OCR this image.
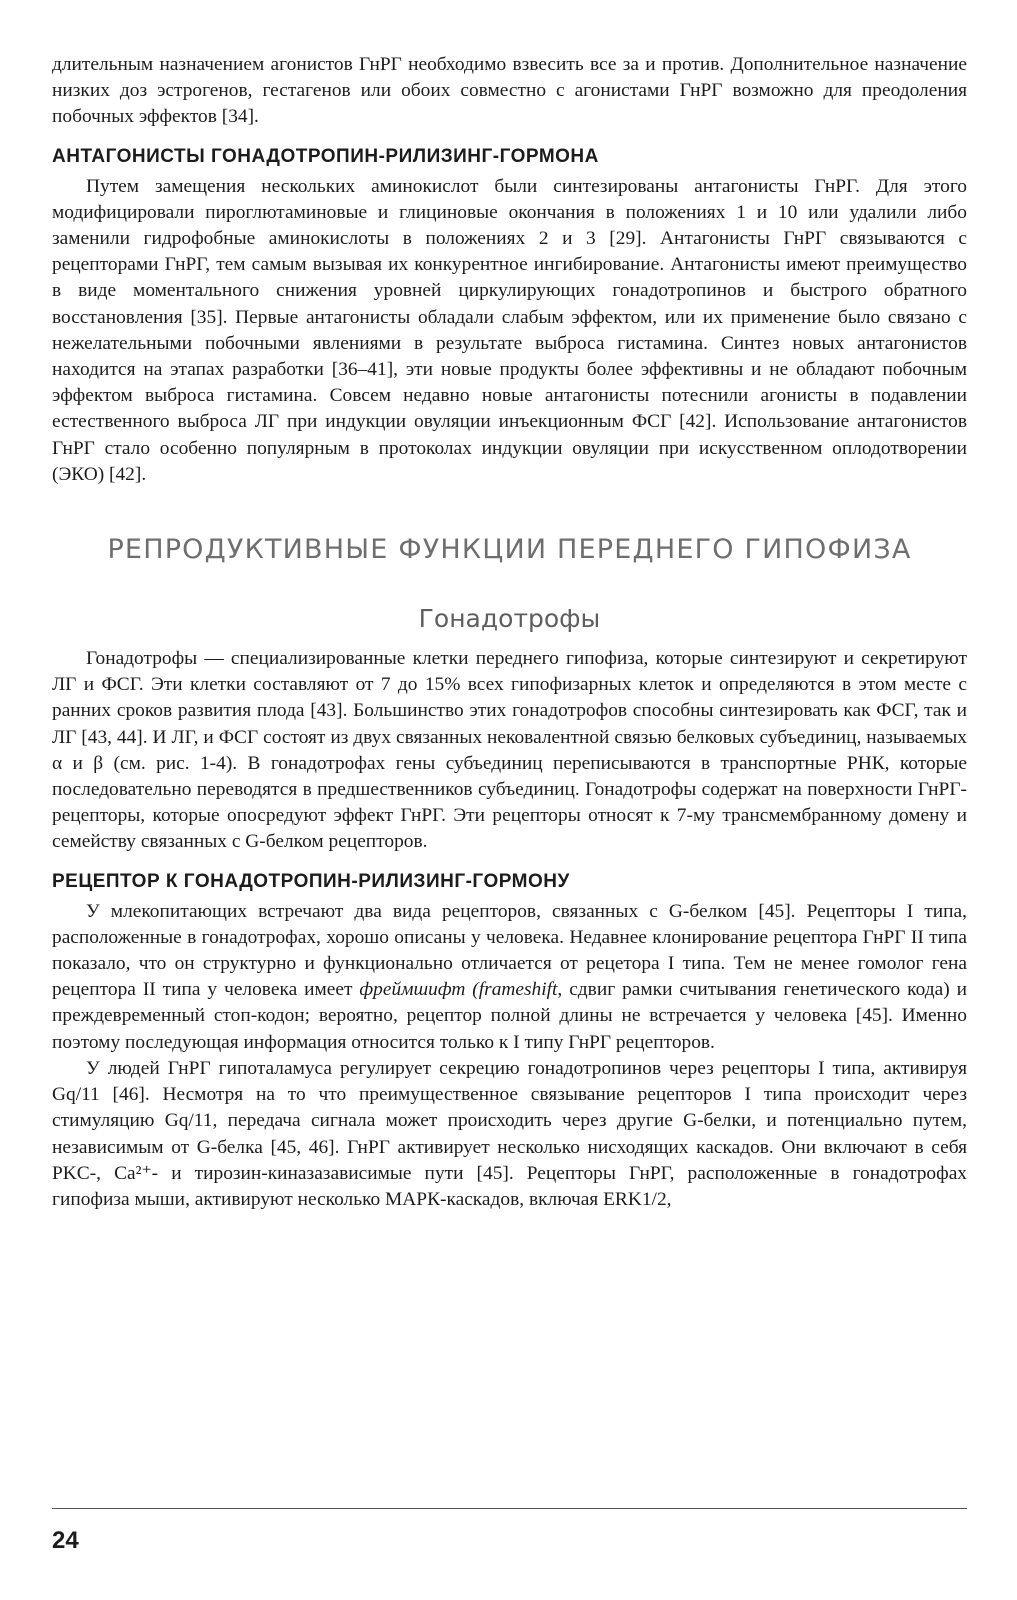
длительным назначением агонистов ГнРГ необходимо взвесить все за и против. Дополнительное назначение низких доз эстрогенов, гестагенов или обоих совместно с агонистами ГнРГ возможно для преодоления побочных эффектов [34].

АНТАГОНИСТЫ ГОНАДОТРОПИН-РИЛИЗИНГ-ГОРМОНА

Путем замещения нескольких аминокислот были синтезированы антагонисты ГнРГ. Для этого модифицировали пироглютаминовые и глициновые окончания в положениях 1 и 10 или удалили либо заменили гидрофобные аминокислоты в положениях 2 и 3 [29]. Антагонисты ГнРГ связываются с рецепторами ГнРГ, тем самым вызывая их конкурентное ингибирование. Антагонисты имеют преимущество в виде моментального снижения уровней циркулирующих гонадотропинов и быстрого обратного восстановления [35]. Первые антагонисты обладали слабым эффектом, или их применение было связано с нежелательными побочными явлениями в результате выброса гистамина. Синтез новых антагонистов находится на этапах разработки [36–41], эти новые продукты более эффективны и не обладают побочным эффектом выброса гистамина. Совсем недавно новые антагонисты потеснили агонисты в подавлении естественного выброса ЛГ при индукции овуляции инъекционным ФСГ [42]. Использование антагонистов ГнРГ стало особенно популярным в протоколах индукции овуляции при искусственном оплодотворении (ЭКО) [42].

РЕПРОДУКТИВНЫЕ ФУНКЦИИ ПЕРЕДНЕГО ГИПОФИЗА
Гонадотрофы

Гонадотрофы — специализированные клетки переднего гипофиза, которые синтезируют и секретируют ЛГ и ФСГ. Эти клетки составляют от 7 до 15% всех гипофизарных клеток и определяются в этом месте с ранних сроков развития плода [43]. Большинство этих гонадотрофов способны синтезировать как ФСГ, так и ЛГ [43, 44]. И ЛГ, и ФСГ состоят из двух связанных нековалентной связью белковых субъединиц, называемых α и β (см. рис. 1-4). В гонадотрофах гены субъединиц переписываются в транспортные РНК, которые последовательно переводятся в предшественников субъединиц. Гонадотрофы содержат на поверхности ГнРГ-рецепторы, которые опосредуют эффект ГнРГ. Эти рецепторы относят к 7-му трансмембранному домену и семейству связанных с G-белком рецепторов.

РЕЦЕПТОР К ГОНАДОТРОПИН-РИЛИЗИНГ-ГОРМОНУ

У млекопитающих встречают два вида рецепторов, связанных с G-белком [45]. Рецепторы I типа, расположенные в гонадотрофах, хорошо описаны у человека. Недавнее клонирование рецептора ГнРГ II типа показало, что он структурно и функционально отличается от рецетора I типа. Тем не менее гомолог гена рецептора II типа у человека имеет фреймшифт (frameshift, сдвиг рамки считывания генетического кода) и преждевременный стоп-кодон; вероятно, рецептор полной длины не встречается у человека [45]. Именно поэтому последующая информация относится только к I типу ГнРГ рецепторов.

У людей ГнРГ гипоталамуса регулирует секрецию гонадотропинов через рецепторы I типа, активируя Gq/11 [46]. Несмотря на то что преимущественное связывание рецепторов I типа происходит через стимуляцию Gq/11, передача сигнала может происходить через другие G-белки, и потенциально путем, независимым от G-белка [45, 46]. ГнРГ активирует несколько нисходящих каскадов. Они включают в себя PKC-, Ca²⁺- и тирозин-киназазависимые пути [45]. Рецепторы ГнРГ, расположенные в гонадотрофах гипофиза мыши, активируют несколько МАРК-каскадов, включая ERK1/2,

24
